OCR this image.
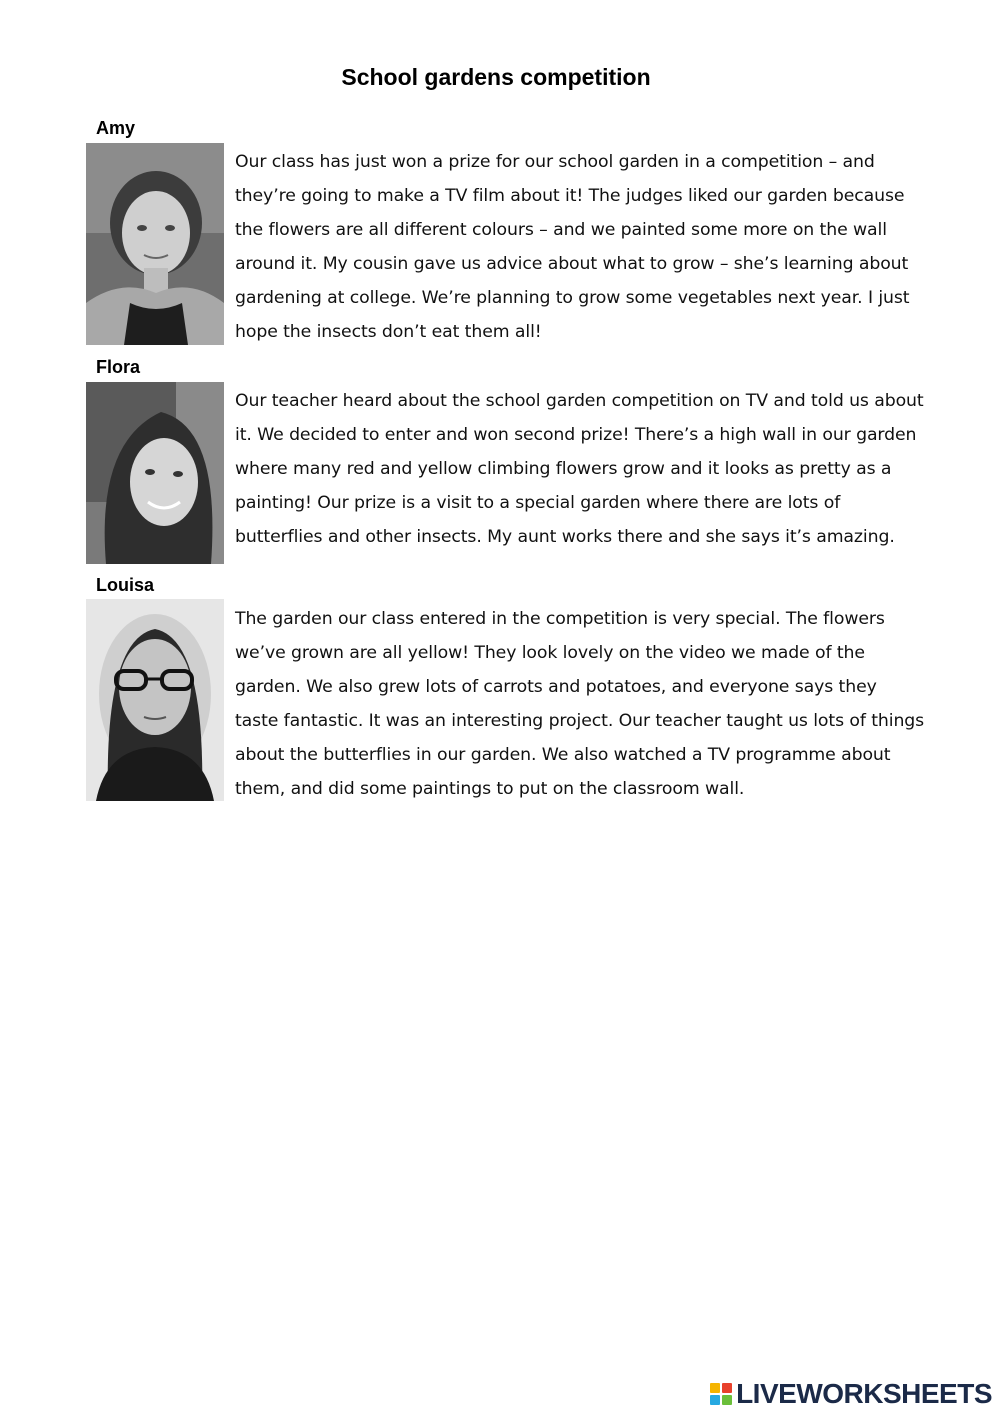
School gardens competition
Amy

Our class has just won a prize for our school garden in a competition – and they’re going to make a TV film about it! The judges liked our garden because the flowers are all different colours – and we painted some more on the wall around it. My cousin gave us advice about what to grow – she’s learning about gardening at college. We’re planning to grow some vegetables next year. I just hope the insects don’t eat them all!

Flora

Our teacher heard about the school garden competition on TV and told us about it. We decided to enter and won second prize! There’s a high wall in our garden where many red and yellow climbing flowers grow and it looks as pretty as a painting! Our prize is a visit to a special garden where there are lots of butterflies and other insects. My aunt works there and she says it’s amazing.

Louisa

The garden our class entered in the competition is very special. The flowers we’ve grown are all yellow! They look lovely on the video we made of the garden. We also grew lots of carrots and potatoes, and everyone says they taste fantastic. It was an interesting project. Our teacher taught us lots of things about the butterflies in our garden. We also watched a TV programme about them, and did some paintings to put on the classroom wall.

LIVEWORKSHEETS
